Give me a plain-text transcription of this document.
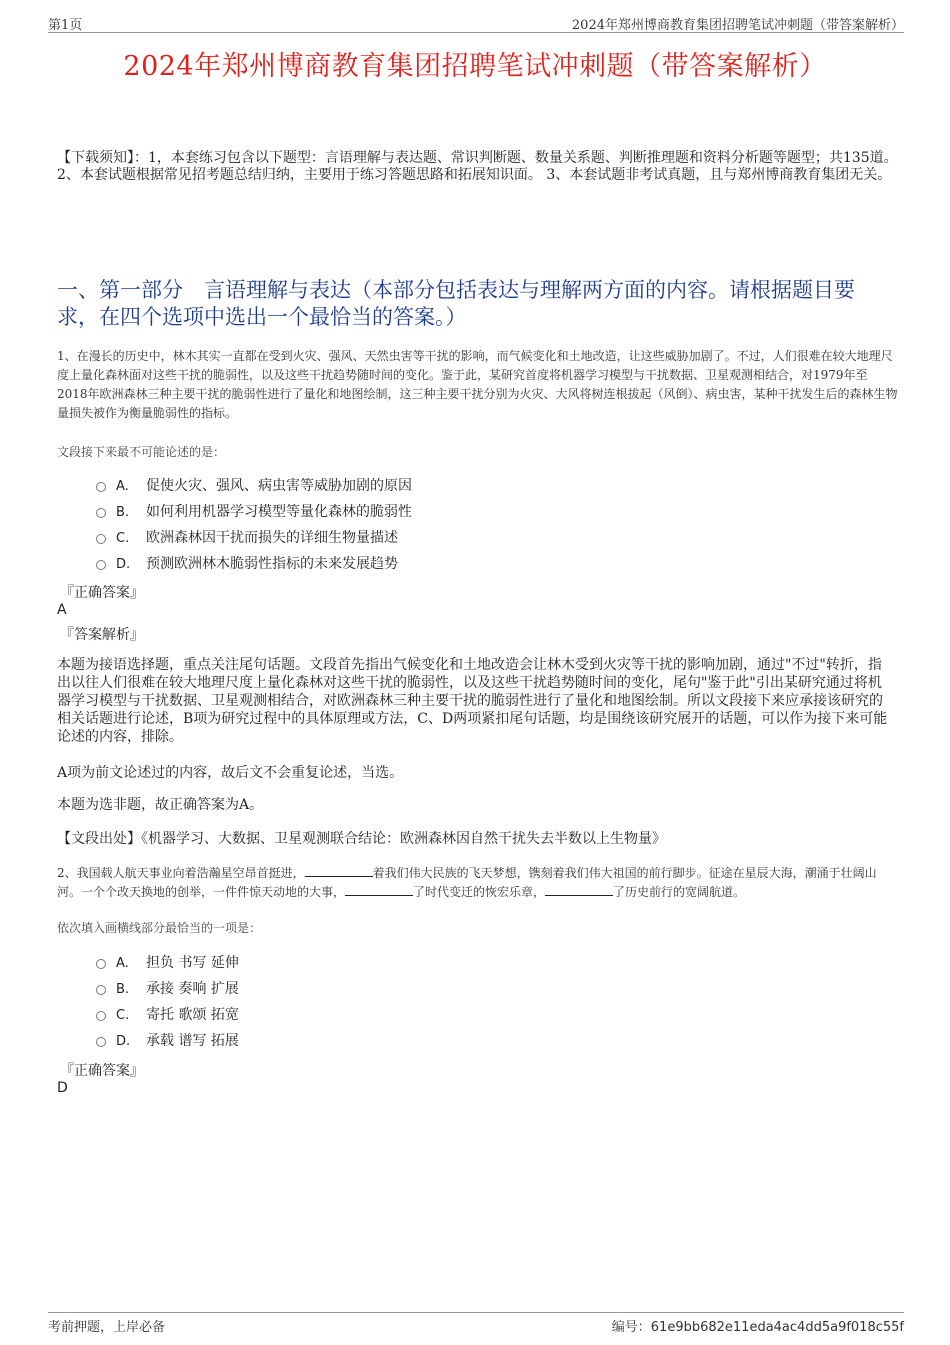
第1页	2024年郑州博商教育集团招聘笔试冲刺题（带答案解析）
2024年郑州博商教育集团招聘笔试冲刺题（带答案解析）
【下载须知】：1，本套练习包含以下题型：言语理解与表达题、常识判断题、数量关系题、判断推理题和资料分析题等题型；共135道。 2、本套试题根据常见招考题总结归纳，主要用于练习答题思路和拓展知识面。 3、本套试题非考试真题，且与郑州博商教育集团无关。
一、第一部分　言语理解与表达（本部分包括表达与理解两方面的内容。请根据题目要求，在四个选项中选出一个最恰当的答案。）
1、在漫长的历史中，林木其实一直都在受到火灾、强风、天然虫害等干扰的影响，而气候变化和土地改造，让这些威胁加剧了。不过，人们很难在较大地理尺度上量化森林面对这些干扰的脆弱性，以及这些干扰趋势随时间的变化。鉴于此，某研究首度将机器学习模型与干扰数据、卫星观测相结合，对1979年至2018年欧洲森林三种主要干扰的脆弱性进行了量化和地图绘制，这三种主要干扰分别为火灾、大风将树连根拔起（风倒）、病虫害，某种干扰发生后的森林生物量损失被作为衡量脆弱性的指标。
文段接下来最不可能论述的是：
A. 促使火灾、强风、病虫害等威胁加剧的原因
B. 如何利用机器学习模型等量化森林的脆弱性
C. 欧洲森林因干扰而损失的详细生物量描述
D. 预测欧洲林木脆弱性指标的未来发展趋势
『正确答案』
A
『答案解析』
本题为接语选择题，重点关注尾句话题。文段首先指出气候变化和土地改造会让林木受到火灾等干扰的影响加剧，通过"不过"转折，指出以往人们很难在较大地理尺度上量化森林对这些干扰的脆弱性，以及这些干扰趋势随时间的变化，尾句"鉴于此"引出某研究通过将机器学习模型与干扰数据、卫星观测相结合，对欧洲森林三种主要干扰的脆弱性进行了量化和地图绘制。所以文段接下来应承接该研究的相关话题进行论述，B项为研究过程中的具体原理或方法，C、D两项紧扣尾句话题，均是围绕该研究展开的话题，可以作为接下来可能论述的内容，排除。
A项为前文论述过的内容，故后文不会重复论述，当选。
本题为选非题，故正确答案为A。
【文段出处】《机器学习、大数据、卫星观测联合结论：欧洲森林因自然干扰失去半数以上生物量》
2、我国载人航天事业向着浩瀚星空昂首挺进，	着我们伟大民族的飞天梦想，镌刻着我们伟大祖国的前行脚步。征途在星辰大海，潮涌于壮阔山河。一个个改天换地的创举，一件件惊天动地的大事，	了时代变迁的恢宏乐章，	了历史前行的宽阔航道。
依次填入画横线部分最恰当的一项是：
A. 担负 书写 延伸
B. 承接 奏响 扩展
C. 寄托 歌颂 拓宽
D. 承载 谱写 拓展
『正确答案』
D
考前押题，上岸必备	编号：61e9bb682e11eda4ac4dd5a9f018c55f
